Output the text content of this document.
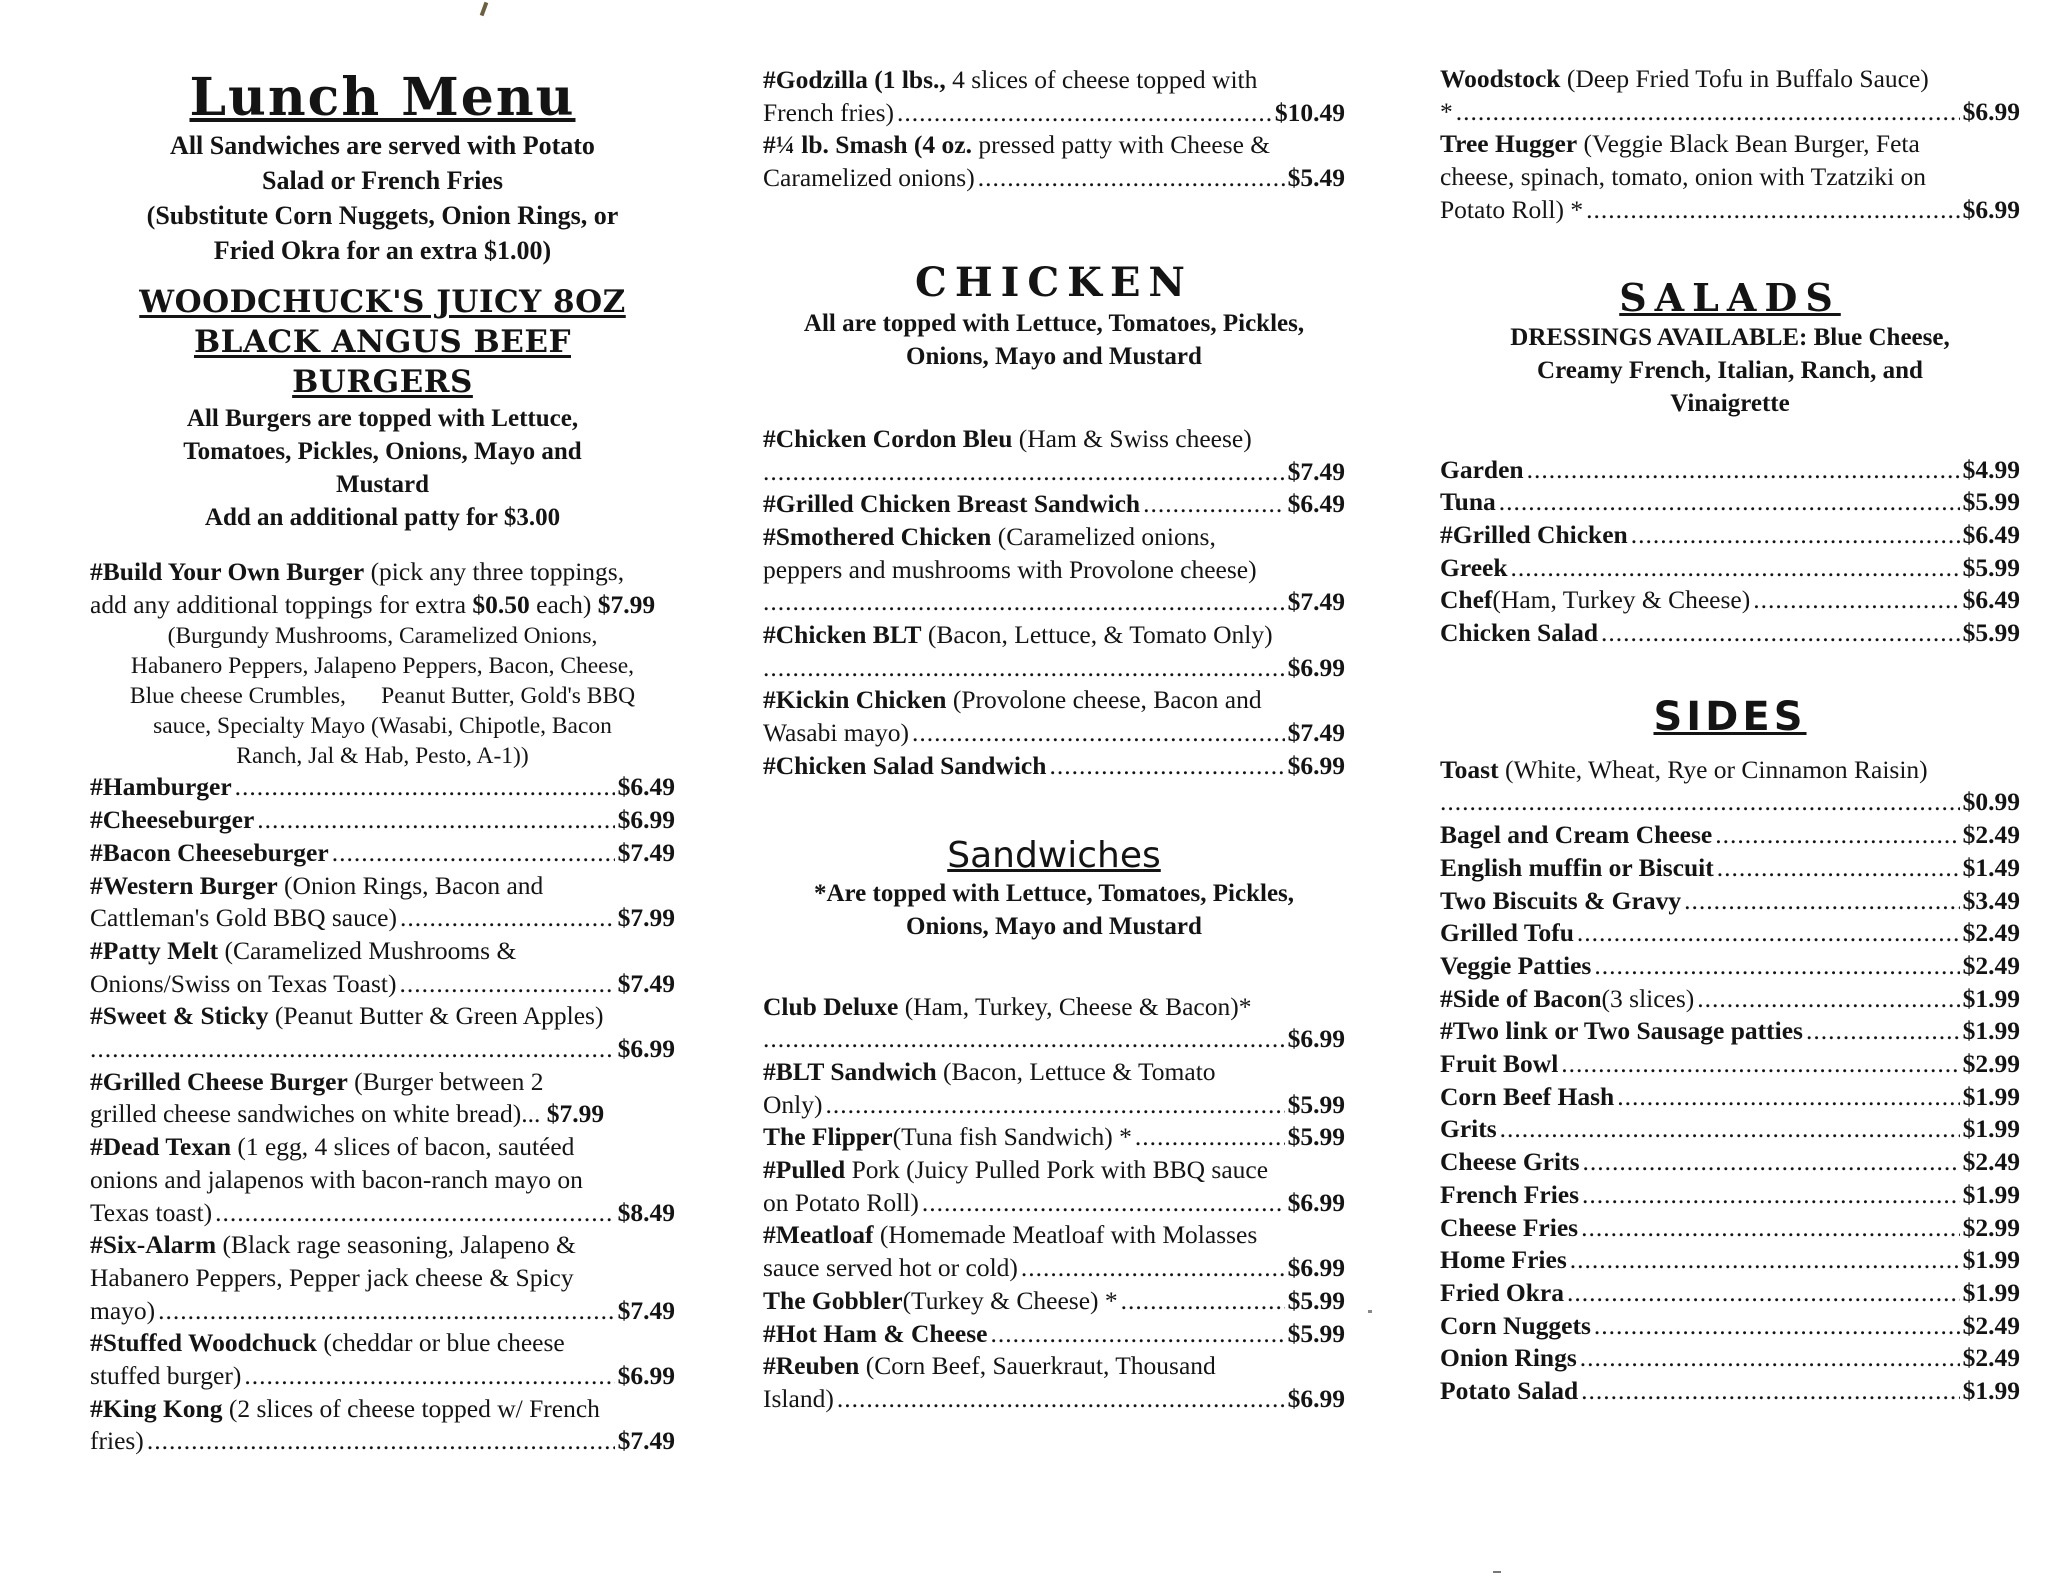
Lunch Menu
All Sandwiches are served with Potato
Salad or French Fries
(Substitute Corn Nuggets, Onion Rings, or
Fried Okra for an extra $1.00)
WOODCHUCK'S JUICY 8OZ
BLACK ANGUS BEEF
BURGERS
All Burgers are topped with Lettuce,
Tomatoes, Pickles, Onions, Mayo and
Mustard
Add an additional patty for $3.00
#Build Your Own Burger (pick any three toppings,
add any additional toppings for extra $0.50 each) $7.99
(Burgundy Mushrooms, Caramelized Onions,
Habanero Peppers, Jalapeno Peppers, Bacon, Cheese,
Blue cheese Crumbles,      Peanut Butter, Gold's BBQ
sauce, Specialty Mayo (Wasabi, Chipotle, Bacon
Ranch, Jal & Hab, Pesto, A-1))
#Hamburger .....	$6.49
#Cheeseburger .....	$6.99
#Bacon Cheeseburger .....	$7.49
#Western Burger (Onion Rings, Bacon and
Cattleman's Gold BBQ sauce) .....	$7.99
#Patty Melt (Caramelized Mushrooms &
Onions/Swiss on Texas Toast) .....	$7.49
#Sweet & Sticky (Peanut Butter & Green Apples)
.....
$6.99
#Grilled Cheese Burger (Burger between 2
grilled cheese sandwiches on white bread)... $7.99
#Dead Texan (1 egg, 4 slices of bacon, sautéed
onions and jalapenos with bacon-ranch mayo on
Texas toast) .....	$8.49
#Six-Alarm (Black rage seasoning, Jalapeno &
Habanero Peppers, Pepper jack cheese & Spicy
mayo) .....	$7.49
#Stuffed Woodchuck (cheddar or blue cheese
stuffed burger) .....	$6.99
#King Kong (2 slices of cheese topped w/ French
fries) .....	$7.49
#Godzilla (1 lbs., 4 slices of cheese topped with
French fries) .....	$10.49
#¼ lb. Smash (4 oz. pressed patty with Cheese &
Caramelized onions) .....	$5.49
CHICKEN
All are topped with Lettuce, Tomatoes, Pickles,
Onions, Mayo and Mustard
#Chicken Cordon Bleu (Ham & Swiss cheese)
.....
$7.49
#Grilled Chicken Breast Sandwich .....	$6.49
#Smothered Chicken (Caramelized onions,
peppers and mushrooms with Provolone cheese)
.....
$7.49
#Chicken BLT (Bacon, Lettuce, & Tomato Only)
.....
$6.99
#Kickin Chicken (Provolone cheese, Bacon and
Wasabi mayo) .....	$7.49
#Chicken Salad Sandwich .....	$6.99
Sandwiches
*Are topped with Lettuce, Tomatoes, Pickles,
Onions, Mayo and Mustard
Club Deluxe (Ham, Turkey, Cheese & Bacon)*
.....
$6.99
#BLT Sandwich (Bacon, Lettuce & Tomato
Only) .....	$5.99
The Flipper (Tuna fish Sandwich) * .....	$5.99
#Pulled Pork (Juicy Pulled Pork with BBQ sauce
on Potato Roll) .....	$6.99
#Meatloaf (Homemade Meatloaf with Molasses
sauce served hot or cold) .....	$6.99
The Gobbler (Turkey & Cheese) * .....	$5.99
#Hot Ham & Cheese .....	$5.99
#Reuben (Corn Beef, Sauerkraut, Thousand
Island) .....	$6.99
Woodstock (Deep Fried Tofu in Buffalo Sauce)
* .....	$6.99
Tree Hugger (Veggie Black Bean Burger, Feta
cheese, spinach, tomato, onion with Tzatziki on
Potato Roll) * .....	$6.99
SALADS
DRESSINGS AVAILABLE: Blue Cheese,
Creamy French, Italian, Ranch, and
Vinaigrette
Garden .....	$4.99
Tuna .....	$5.99
#Grilled Chicken .....	$6.49
Greek .....	$5.99
Chef (Ham, Turkey & Cheese) .....	$6.49
Chicken Salad .....	$5.99
SIDES
Toast (White, Wheat, Rye or Cinnamon Raisin)
.....
$0.99
Bagel and Cream Cheese .....	$2.49
English muffin or Biscuit .....	$1.49
Two Biscuits & Gravy .....	$3.49
Grilled Tofu .....	$2.49
Veggie Patties .....	$2.49
#Side of Bacon (3 slices) .....	$1.99
#Two link or Two Sausage patties .....	$1.99
Fruit Bowl .....	$2.99
Corn Beef Hash .....	$1.99
Grits .....	$1.99
Cheese Grits .....	$2.49
French Fries .....	$1.99
Cheese Fries .....	$2.99
Home Fries .....	$1.99
Fried Okra .....	$1.99
Corn Nuggets .....	$2.49
Onion Rings .....	$2.49
Potato Salad .....	$1.99
